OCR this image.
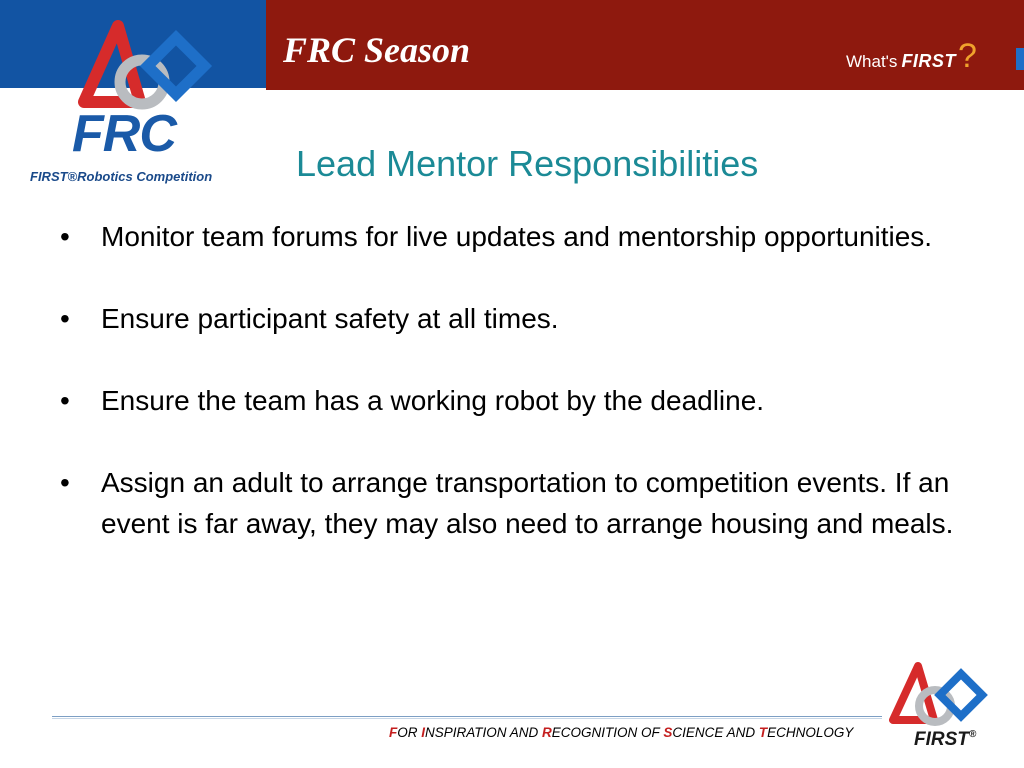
FRC Season	What's FIRST ?
FRC
FIRST®Robotics Competition Lead Mentor Responsibilities
•	Monitor team forums for live updates and mentorship opportunities.
•	Ensure participant safety at all times.
•	Ensure the team has a working robot by the deadline.
•	Assign an adult to arrange transportation to competition events. If an event is far away, they may also need to arrange housing and meals.
FOR INSPIRATION AND RECOGNITION OF SCIENCE AND TECHNOLOGY	FIRST®
